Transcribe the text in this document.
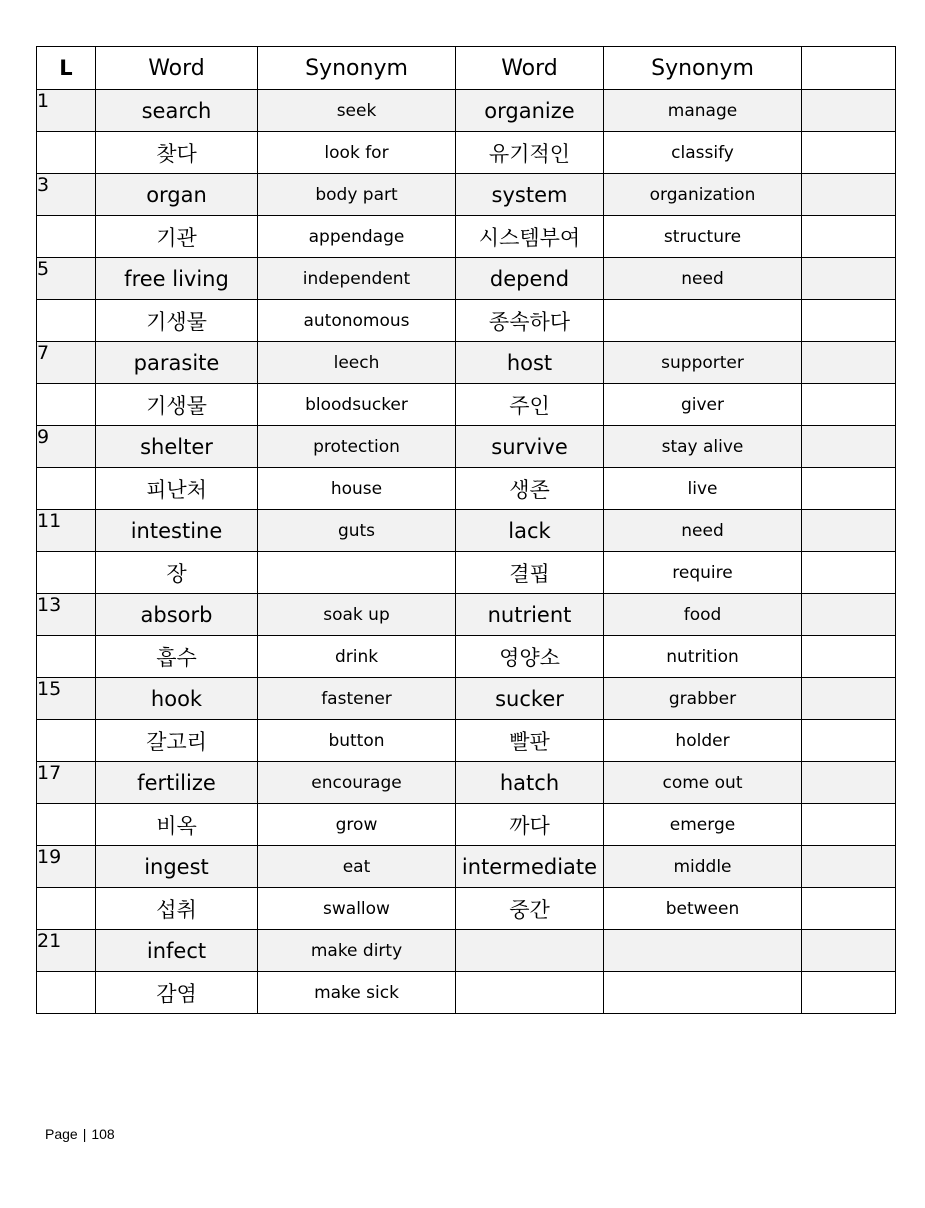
L	Word	Synonym	Word	Synonym	
1	search	seek	organize	manage	
	찾다	look for	유기적인	classify	
3	organ	body part	system	organization	
	기관	appendage	시스템부여	structure	
5	free living	independent	depend	need	
	기생물	autonomous	종속하다		
7	parasite	leech	host	supporter	
	기생물	bloodsucker	주인	giver	
9	shelter	protection	survive	stay alive	
	피난처	house	생존	live	
11	intestine	guts	lack	need	
	장		결핍	require	
13	absorb	soak up	nutrient	food	
	흡수	drink	영양소	nutrition	
15	hook	fastener	sucker	grabber	
	갈고리	button	빨판	holder	
17	fertilize	encourage	hatch	come out	
	비옥	grow	까다	emerge	
19	ingest	eat	intermediate	middle	
	섭취	swallow	중간	between	
21	infect	make dirty			
	감염	make sick			
Page | 108
